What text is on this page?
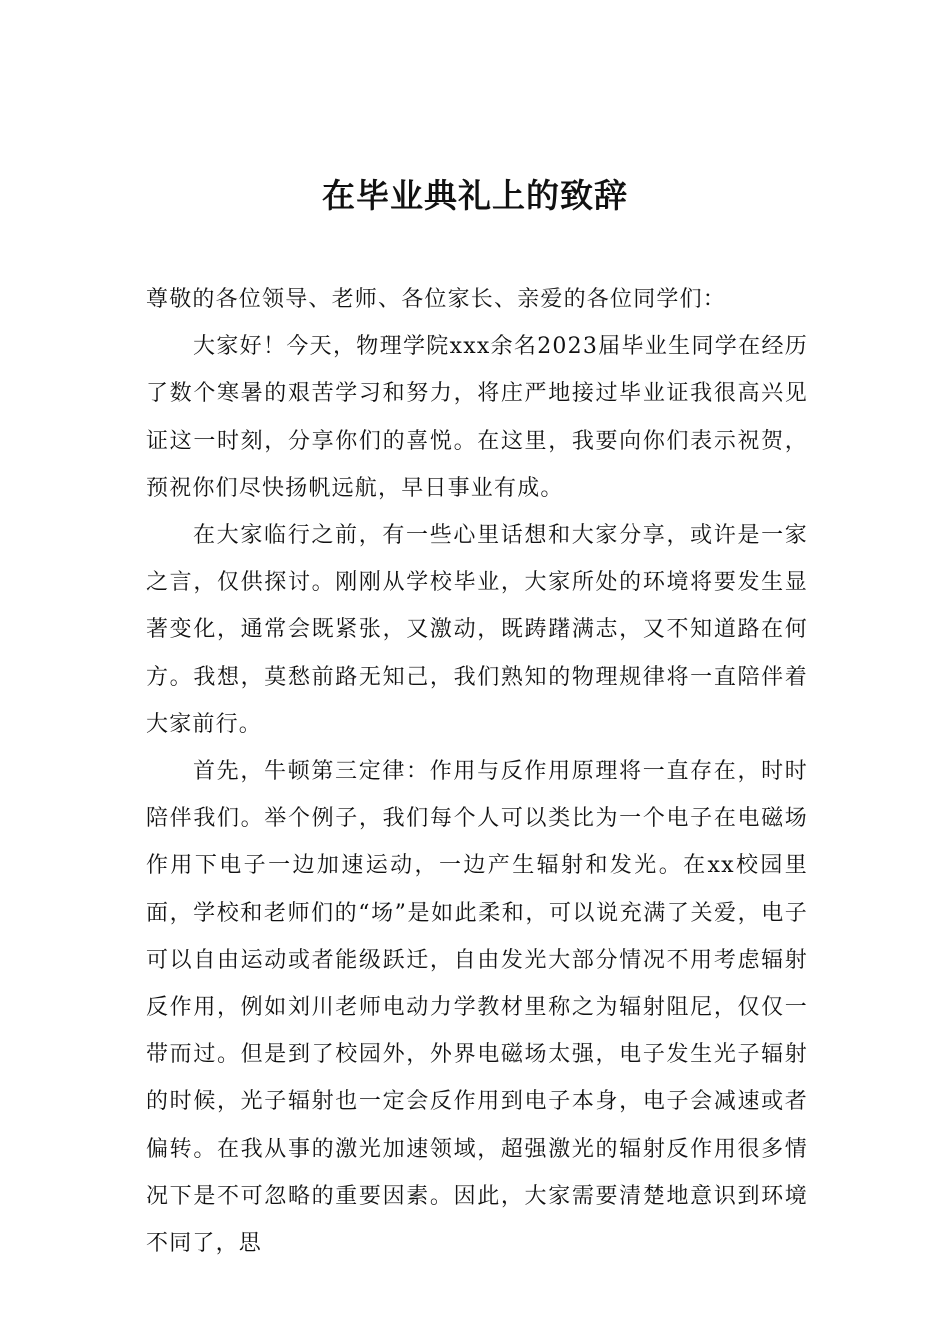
在毕业典礼上的致辞

尊敬的各位领导、老师、各位家长、亲爱的各位同学们：

大家好！今天，物理学院xxx余名2023届毕业生同学在经历了数个寒暑的艰苦学习和努力，将庄严地接过毕业证我很高兴见证这一时刻，分享你们的喜悦。在这里，我要向你们表示祝贺，预祝你们尽快扬帆远航，早日事业有成。

在大家临行之前，有一些心里话想和大家分享，或许是一家之言，仅供探讨。刚刚从学校毕业，大家所处的环境将要发生显著变化，通常会既紧张，又激动，既踌躇满志，又不知道路在何方。我想，莫愁前路无知己，我们熟知的物理规律将一直陪伴着大家前行。

首先，牛顿第三定律：作用与反作用原理将一直存在，时时陪伴我们。举个例子，我们每个人可以类比为一个电子在电磁场作用下电子一边加速运动，一边产生辐射和发光。在xx校园里面，学校和老师们的“场”是如此柔和，可以说充满了关爱，电子可以自由运动或者能级跃迁，自由发光大部分情况不用考虑辐射反作用，例如刘川老师电动力学教材里称之为辐射阻尼，仅仅一带而过。但是到了校园外，外界电磁场太强，电子发生光子辐射的时候，光子辐射也一定会反作用到电子本身，电子会减速或者偏转。在我从事的激光加速领域，超强激光的辐射反作用很多情况下是不可忽略的重要因素。因此，大家需要清楚地意识到环境不同了，思
